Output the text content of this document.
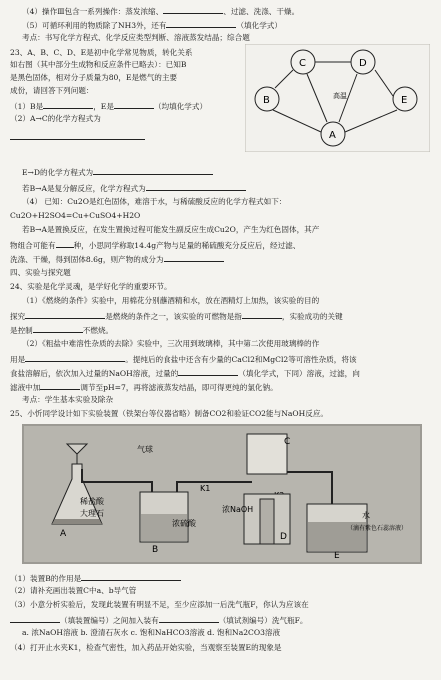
（4）操作Ⅲ包含一系列操作：蒸发浓缩、	、过滤、洗涤、干燥。
（5）可循环利用的物质除了NH3外，还有	（填化学式）
考点：书写化学方程式、化学反应类型判断、溶液蒸发结晶；综合题
23、A、B、C、D、E是初中化学常见物质，转化关系
如右图（其中部分生成物和反应条件已略去）：已知B
是黑色固体，相对分子质量为80，E是燃气的主要
成份，请回答下列问题：
（1）B是	，E是	（均填化学式）
（2）A→C的化学方程式为
C	D
B	E
A
高温
E→D的化学方程式为
若B→A是复分解反应，化学方程式为
（4） 已知：Cu2O是红色固体，难溶于水，与稀硫酸反应的化学方程式如下：
Cu2O+H2SO4=Cu+CuSO4+H2O
若B→A是置换反应，在发生置换过程可能发生副反应生成Cu2O，产生为红色固体，其产
物组合可能有 种，小思同学称取14.4g产物与足量的稀硫酸充分反应后，经过滤、
洗涤、干燥，得到固体8.6g，则产物的成分为
四、实验与探究题
24、实验是化学灵魂，是学好化学的重要环节。
（1）《燃烧的条件》实验中，用棉花分别蘸酒精和水，放在酒精灯上加热，该实验的目的
探究	是燃烧的条件之一，该实验的可燃物是指	，实验成功的关键
是控制	不燃烧。
（2）《粗盐中难溶性杂质的去除》实验中，三次用到玻璃棒，其中第二次使用玻璃棒的作
用是	。提纯后的食盐中还含有少量的CaCl2和MgCl2等可溶性杂质，将该
食盐溶解后，依次加入过量的NaOH溶液，过量的	（填化学式，下同）溶液，过滤，向
滤液中加	调节至pH=7，再将滤液蒸发结晶，即可得更纯的氯化钠。
考点：学生基本实验及除杂
25、小忻同学设计如下实验装置（铁架台等仪器省略）制备CO2和验证CO2能与NaOH反应。
稀盐酸
大理石
A
浓硫酸
B
K1
气球
C
浓NaOH
D
水
（滴有紫色石蕊溶液）
E
（1）装置B的作用是
（2）请补充画出装置C中a、b导气管
（3）小意分析实验后，发现此装置有明显不足，至少应添加一后洗气瓶F，你认为应该在
（填装置编号）之间加入装有	（填试剂编号）洗气瓶F。
a. 浓NaOH溶液 b. 澄清石灰水 c. 饱和NaHCO3溶液 d. 饱和Na2CO3溶液
（4）打开止水夹K1，检查气密性，加入药品开始实验，当观察至装置E的现象是
